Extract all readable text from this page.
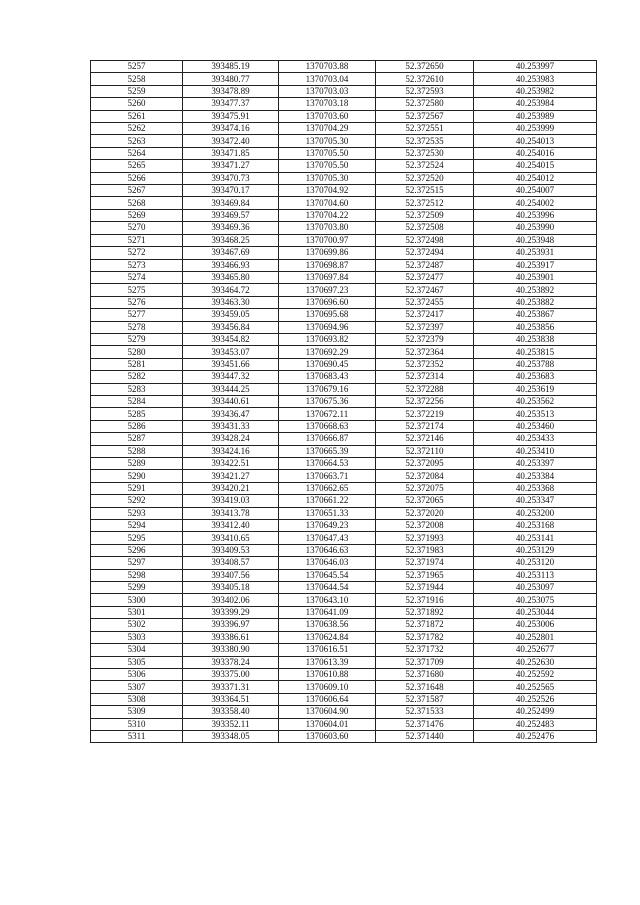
5257	393485.19	1370703.88	52.372650	40.253997
5258	393480.77	1370703.04	52.372610	40.253983
5259	393478.89	1370703.03	52.372593	40.253982
5260	393477.37	1370703.18	52.372580	40.253984
5261	393475.91	1370703.60	52.372567	40.253989
5262	393474.16	1370704.29	52.372551	40.253999
5263	393472.40	1370705.30	52.372535	40.254013
5264	393471.85	1370705.50	52.372530	40.254016
5265	393471.27	1370705.50	52.372524	40.254015
5266	393470.73	1370705.30	52.372520	40.254012
5267	393470.17	1370704.92	52.372515	40.254007
5268	393469.84	1370704.60	52.372512	40.254002
5269	393469.57	1370704.22	52.372509	40.253996
5270	393469.36	1370703.80	52.372508	40.253990
5271	393468.25	1370700.97	52.372498	40.253948
5272	393467.69	1370699.86	52.372494	40.253931
5273	393466.93	1370698.87	52.372487	40.253917
5274	393465.80	1370697.84	52.372477	40.253901
5275	393464.72	1370697.23	52.372467	40.253892
5276	393463.30	1370696.60	52.372455	40.253882
5277	393459.05	1370695.68	52.372417	40.253867
5278	393456.84	1370694.96	52.372397	40.253856
5279	393454.82	1370693.82	52.372379	40.253838
5280	393453.07	1370692.29	52.372364	40.253815
5281	393451.66	1370690.45	52.372352	40.253788
5282	393447.32	1370683.43	52.372314	40.253683
5283	393444.25	1370679.16	52.372288	40.253619
5284	393440.61	1370675.36	52.372256	40.253562
5285	393436.47	1370672.11	52.372219	40.253513
5286	393431.33	1370668.63	52.372174	40.253460
5287	393428.24	1370666.87	52.372146	40.253433
5288	393424.16	1370665.39	52.372110	40.253410
5289	393422.51	1370664.53	52.372095	40.253397
5290	393421.27	1370663.71	52.372084	40.253384
5291	393420.21	1370662.65	52.372075	40.253368
5292	393419.03	1370661.22	52.372065	40.253347
5293	393413.78	1370651.33	52.372020	40.253200
5294	393412.40	1370649.23	52.372008	40.253168
5295	393410.65	1370647.43	52.371993	40.253141
5296	393409.53	1370646.63	52.371983	40.253129
5297	393408.57	1370646.03	52.371974	40.253120
5298	393407.56	1370645.54	52.371965	40.253113
5299	393405.18	1370644.54	52.371944	40.253097
5300	393402.06	1370643.10	52.371916	40.253075
5301	393399.29	1370641.09	52.371892	40.253044
5302	393396.97	1370638.56	52.371872	40.253006
5303	393386.61	1370624.84	52.371782	40.252801
5304	393380.90	1370616.51	52.371732	40.252677
5305	393378.24	1370613.39	52.371709	40.252630
5306	393375.00	1370610.88	52.371680	40.252592
5307	393371.31	1370609.10	52.371648	40.252565
5308	393364.51	1370606.64	52.371587	40.252526
5309	393358.40	1370604.90	52.371533	40.252499
5310	393352.11	1370604.01	52.371476	40.252483
5311	393348.05	1370603.60	52.371440	40.252476
